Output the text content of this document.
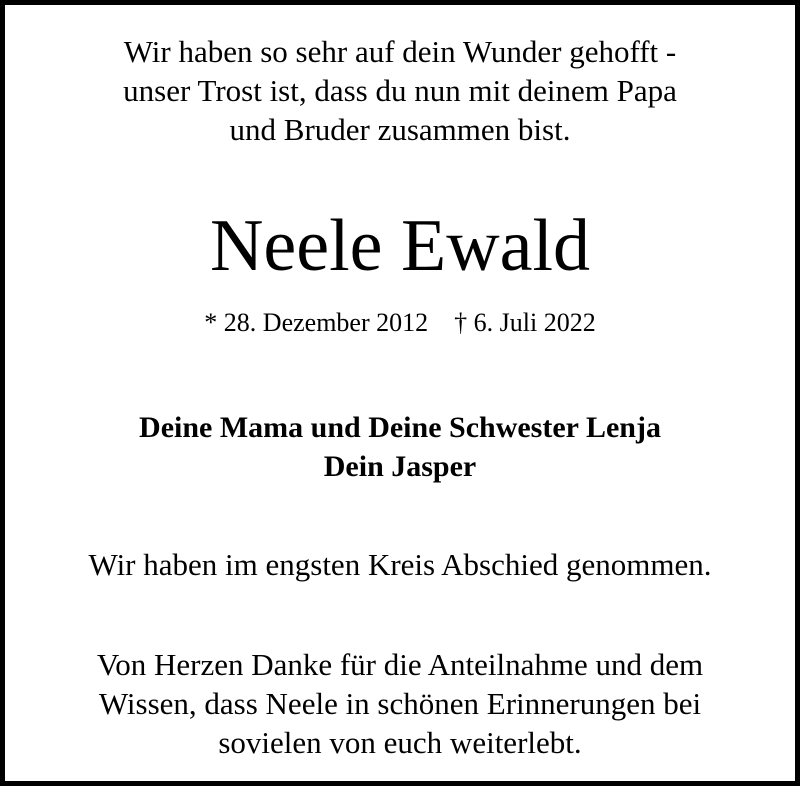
Wir haben so sehr auf dein Wunder gehofft -
unser Trost ist, dass du nun mit deinem Papa
und Bruder zusammen bist.
Neele Ewald
* 28. Dezember 2012 † 6. Juli 2022
Deine Mama und Deine Schwester Lenja
Dein Jasper
Wir haben im engsten Kreis Abschied genommen.
Von Herzen Danke für die Anteilnahme und dem
Wissen, dass Neele in schönen Erinnerungen bei
sovielen von euch weiterlebt.
